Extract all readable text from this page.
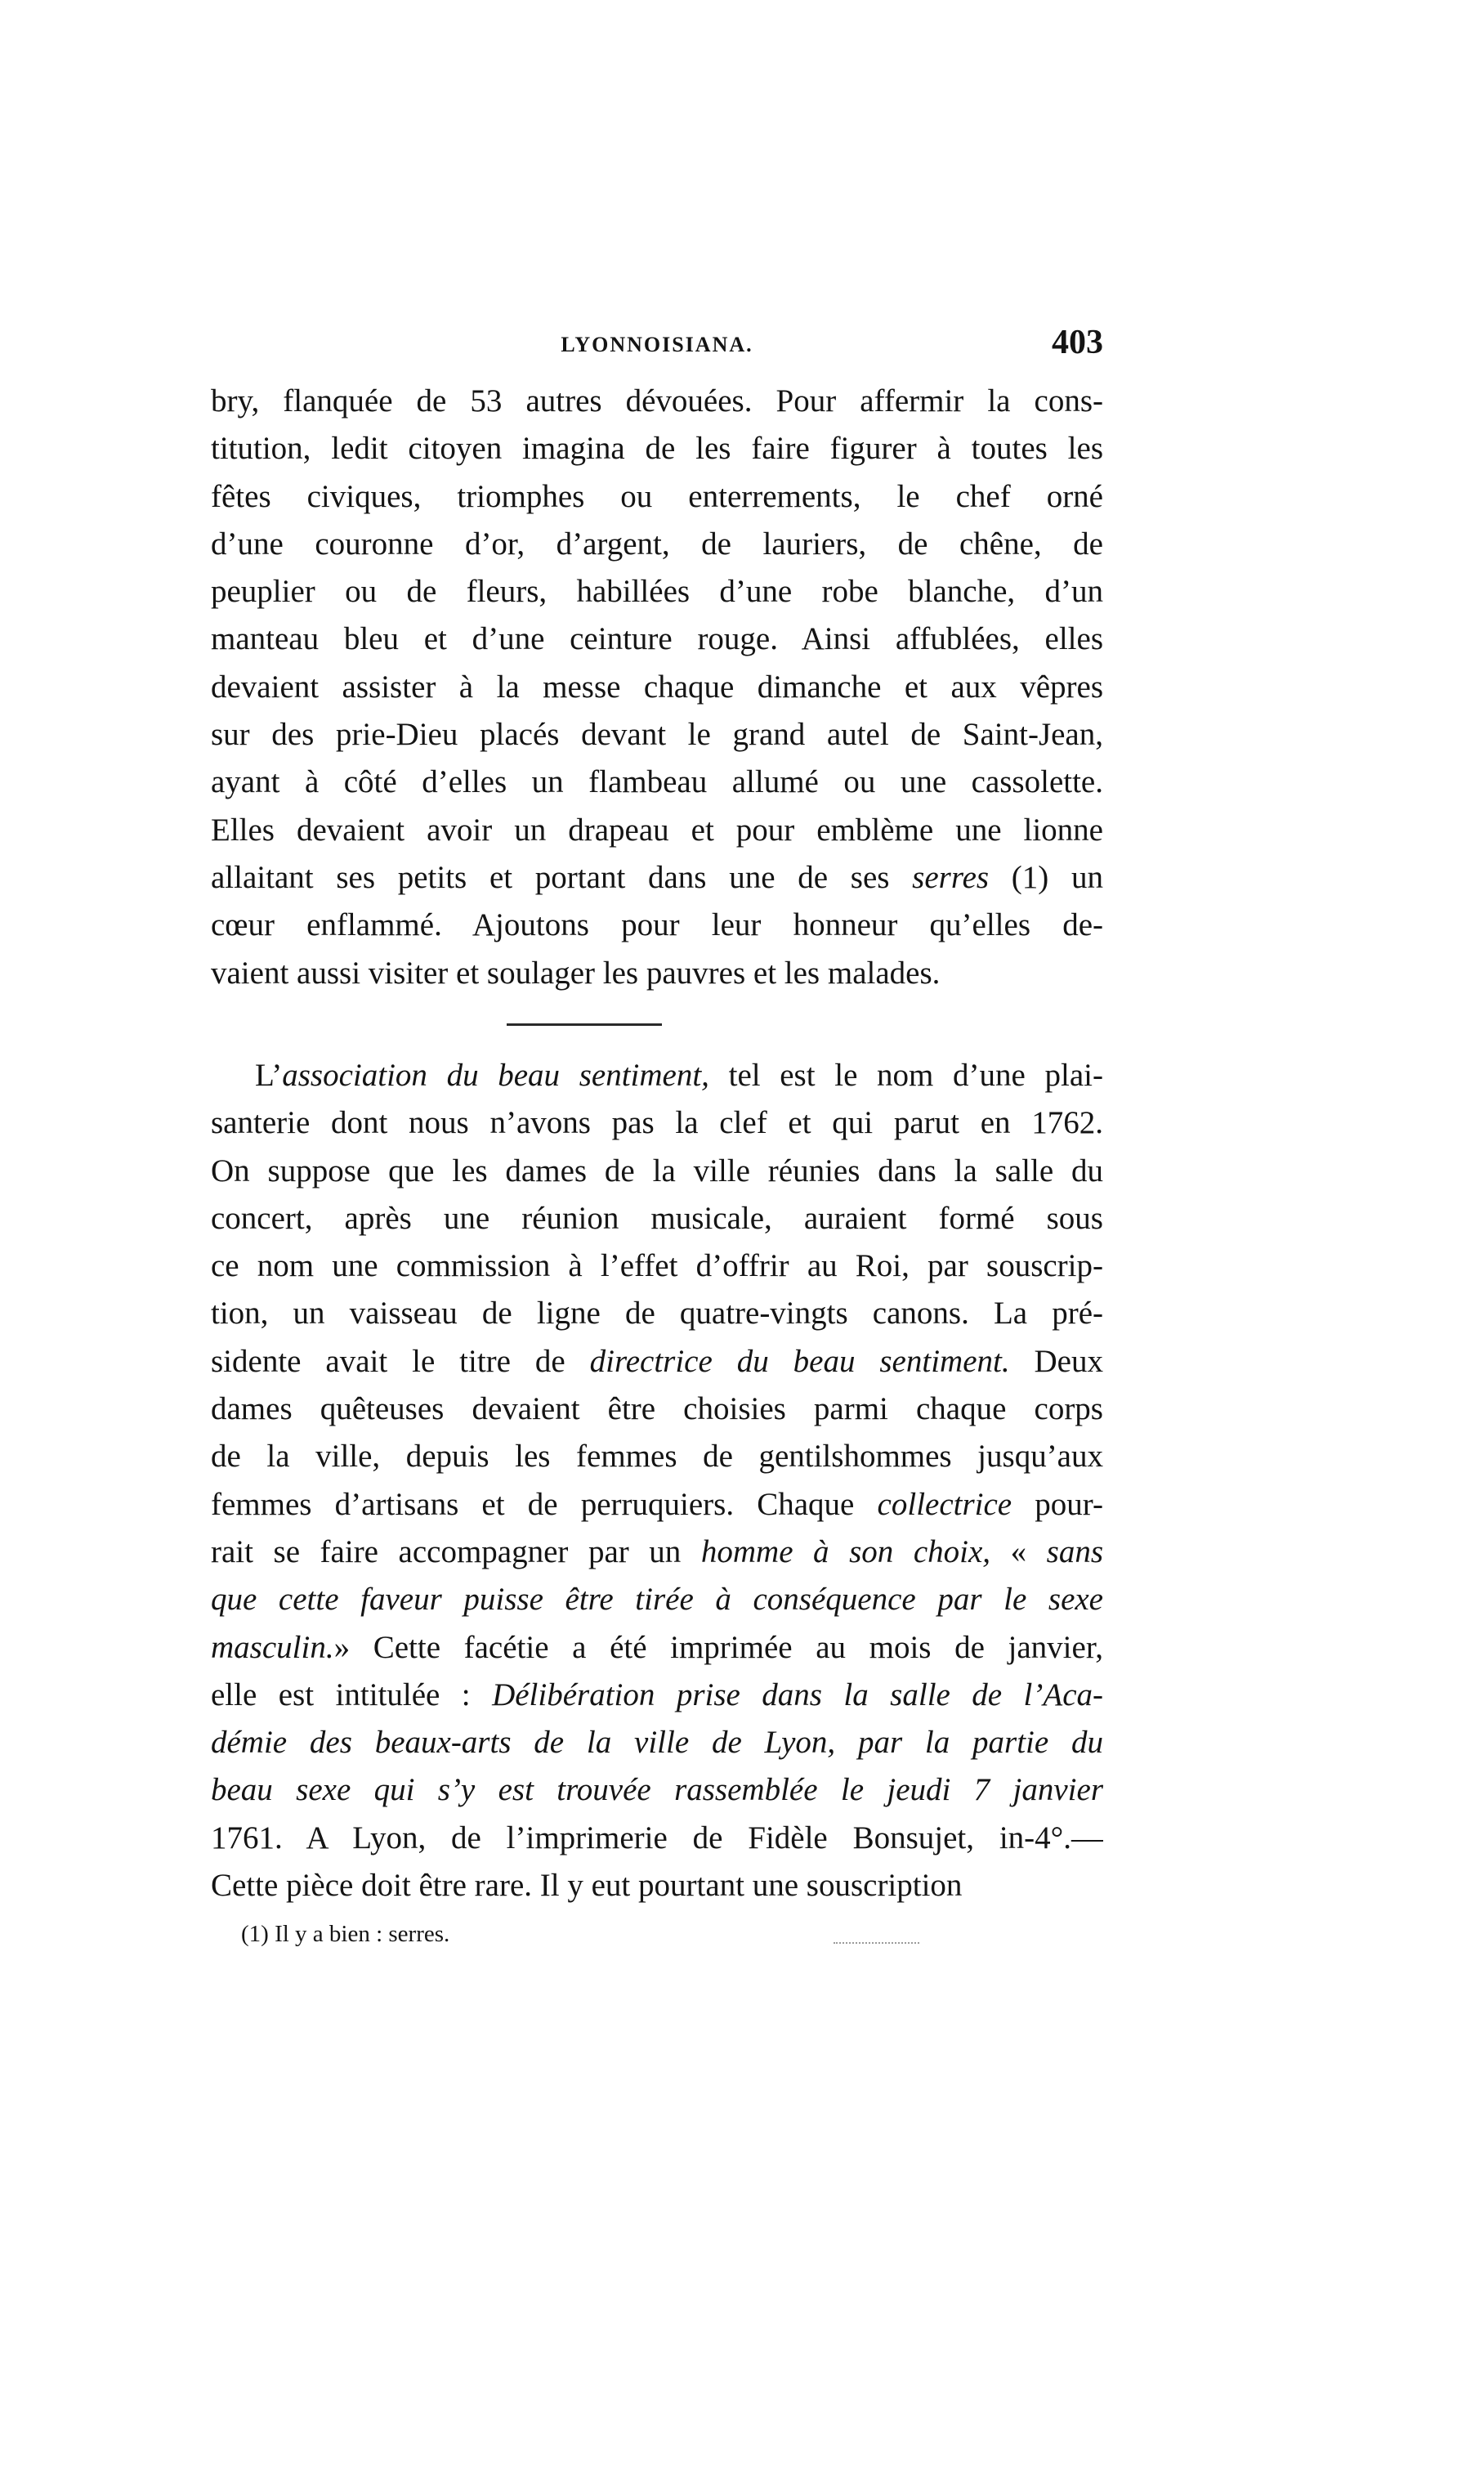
LYONNOISIANA.	403
bry, flanquée de 53 autres dévouées. Pour affermir la cons-
titution, ledit citoyen imagina de les faire figurer à toutes les
fêtes civiques, triomphes ou enterrements, le chef orné
d’une couronne d’or, d’argent, de lauriers, de chêne, de
peuplier ou de fleurs, habillées d’une robe blanche, d’un
manteau bleu et d’une ceinture rouge. Ainsi affublées, elles
devaient assister à la messe chaque dimanche et aux vêpres
sur des prie-Dieu placés devant le grand autel de Saint-Jean,
ayant à côté d’elles un flambeau allumé ou une cassolette.
Elles devaient avoir un drapeau et pour emblème une lionne
allaitant ses petits et portant dans une de ses serres (1) un
cœur enflammé. Ajoutons pour leur honneur qu’elles de-
vaient aussi visiter et soulager les pauvres et les malades.
L’association du beau sentiment, tel est le nom d’une plai-
santerie dont nous n’avons pas la clef et qui parut en 1762.
On suppose que les dames de la ville réunies dans la salle du
concert, après une réunion musicale, auraient formé sous
ce nom une commission à l’effet d’offrir au Roi, par souscrip-
tion, un vaisseau de ligne de quatre-vingts canons. La pré-
sidente avait le titre de directrice du beau sentiment. Deux
dames quêteuses devaient être choisies parmi chaque corps
de la ville, depuis les femmes de gentilshommes jusqu’aux
femmes d’artisans et de perruquiers. Chaque collectrice pour-
rait se faire accompagner par un homme à son choix, « sans
que cette faveur puisse être tirée à conséquence par le sexe
masculin.» Cette facétie a été imprimée au mois de janvier,
elle est intitulée : Délibération prise dans la salle de l’Aca-
démie des beaux-arts de la ville de Lyon, par la partie du
beau sexe qui s’y est trouvée rassemblée le jeudi 7 janvier
1761. A Lyon, de l’imprimerie de Fidèle Bonsujet, in-4°.—
Cette pièce doit être rare. Il y eut pourtant une souscription
(1) Il y a bien : serres.
